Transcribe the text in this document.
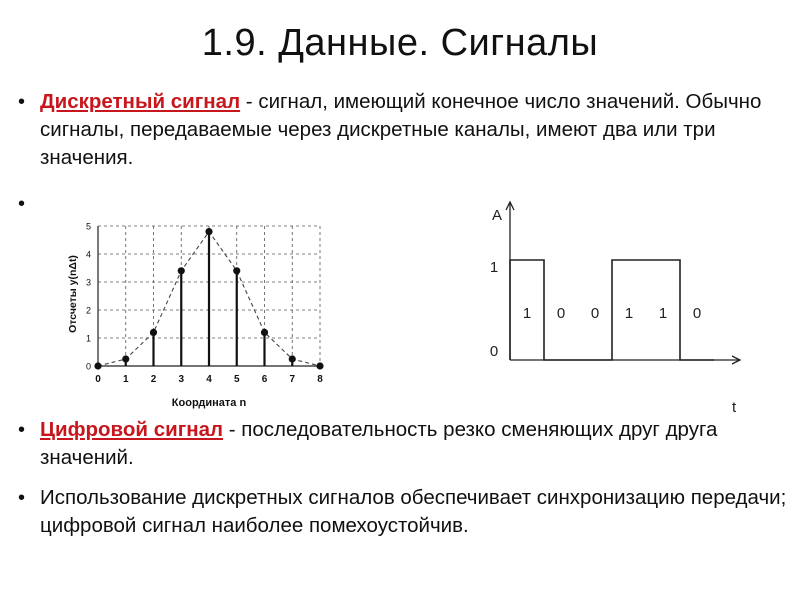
1.9. Данные. Сигналы
• Дискретный сигнал - сигнал, имеющий конечное число значений. Обычно сигналы, передаваемые через дискретные каналы, имеют два или три значения.
•
Отсчеты y(nΔt)
Координата n
0 1 2 3 4 5 6 7 8
0
1
2
3
4
5
A
t
0
1
1 0 0 1 1 0
• Цифровой сигнал - последовательность резко сменяющих друг друга значений.
• Использование дискретных сигналов обеспечивает синхронизацию передачи; цифровой сигнал наиболее помехоустойчив.
